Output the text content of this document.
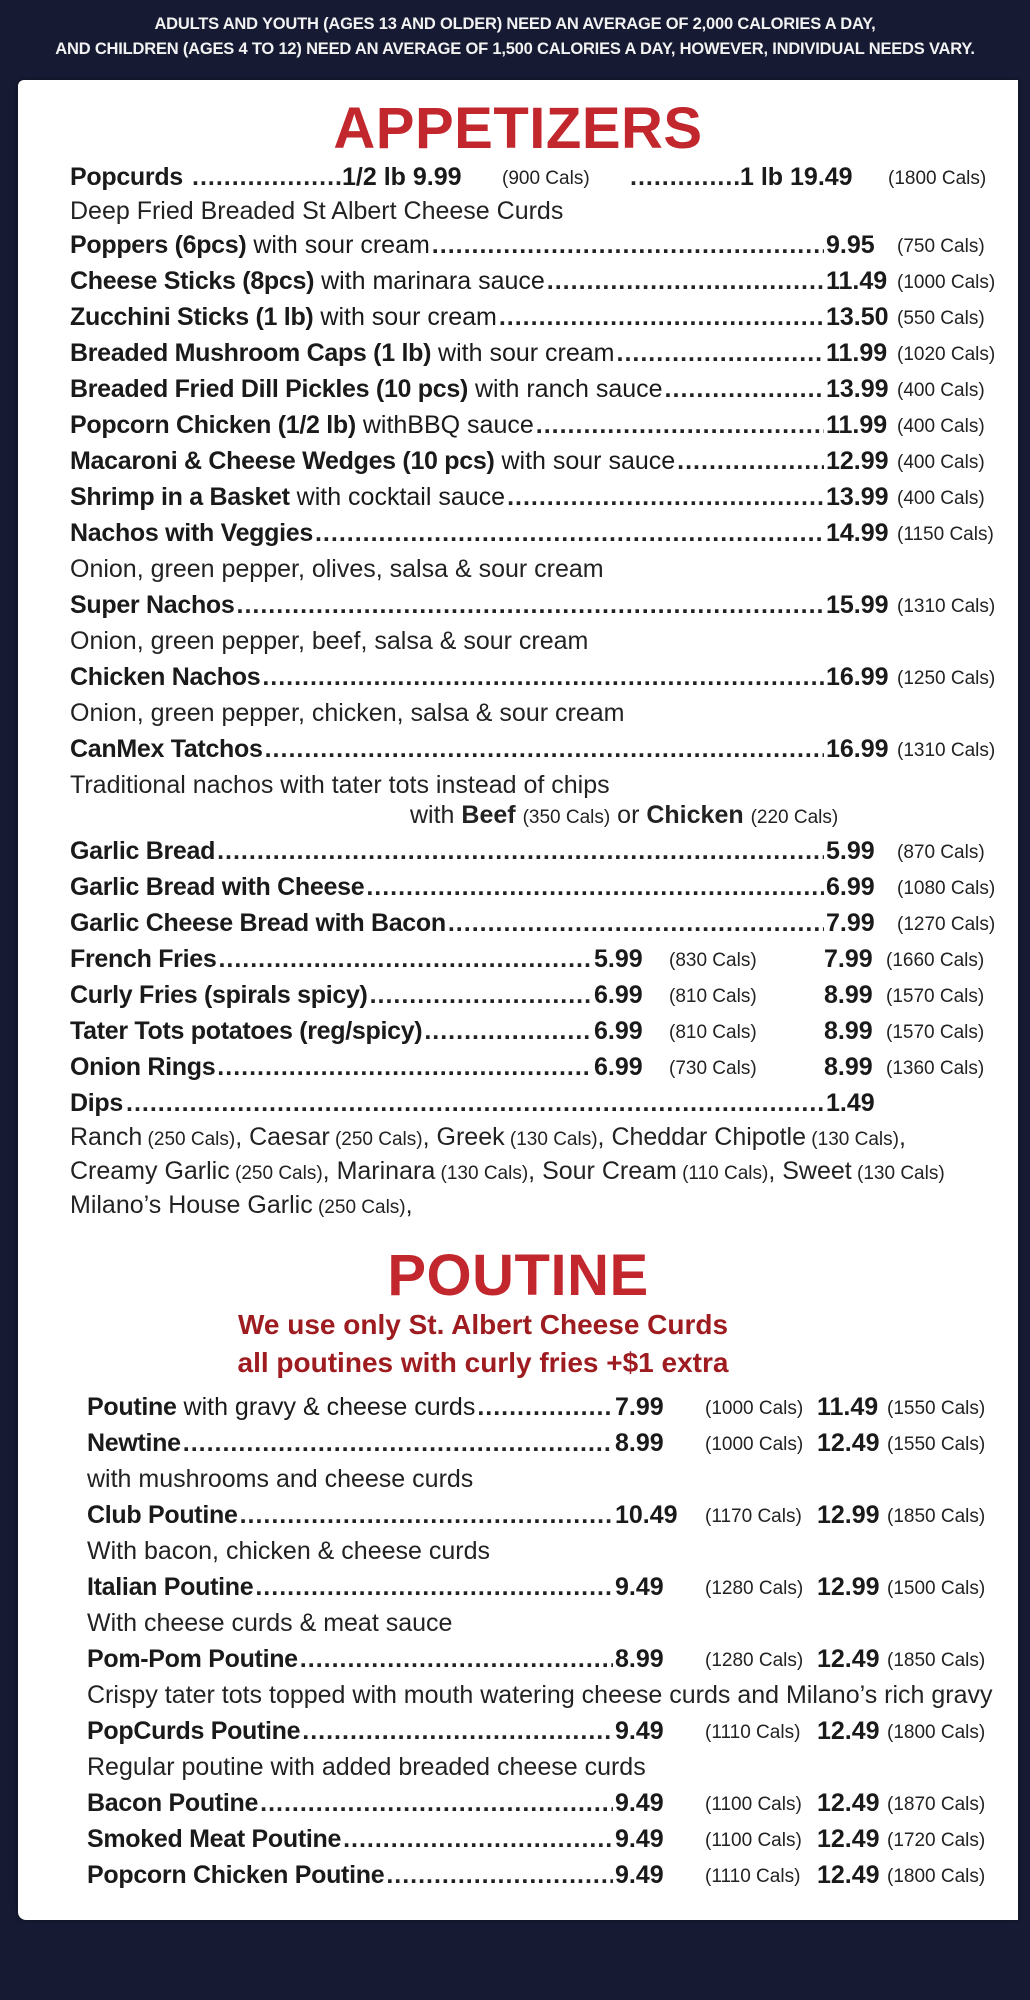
ADULTS AND YOUTH (AGES 13 AND OLDER) NEED AN AVERAGE OF 2,000 CALORIES A DAY,
AND CHILDREN (AGES 4 TO 12) NEED AN AVERAGE OF 1,500 CALORIES A DAY, HOWEVER, INDIVIDUAL NEEDS VARY.
APPETIZERS
Popcurds .....	1/2 lb 9.99 (900 Cals) .....	1 lb 19.49 (1800 Cals)
Deep Fried Breaded St Albert Cheese Curds
Poppers (6pcs) with sour cream .....	9.95 (750 Cals)
Cheese Sticks (8pcs) with marinara sauce .....	11.49 (1000 Cals)
Zucchini Sticks (1 lb) with sour cream .....	13.50 (550 Cals)
Breaded Mushroom Caps (1 lb) with sour cream .....	11.99 (1020 Cals)
Breaded Fried Dill Pickles (10 pcs) with ranch sauce .....	13.99 (400 Cals)
Popcorn Chicken (1/2 lb) withBBQ sauce .....	11.99 (400 Cals)
Macaroni & Cheese Wedges (10 pcs) with sour sauce .....	12.99 (400 Cals)
Shrimp in a Basket with cocktail sauce .....	13.99 (400 Cals)
Nachos with Veggies .....	14.99 (1150 Cals)
Onion, green pepper, olives, salsa & sour cream
Super Nachos .....	15.99 (1310 Cals)
Onion, green pepper, beef, salsa & sour cream
Chicken Nachos .....	16.99 (1250 Cals)
Onion, green pepper, chicken, salsa & sour cream
CanMex Tatchos .....	16.99 (1310 Cals)
Traditional nachos with tater tots instead of chips
with Beef (350 Cals) or Chicken (220 Cals)
Garlic Bread .....	5.99 (870 Cals)
Garlic Bread with Cheese .....	6.99 (1080 Cals)
Garlic Cheese Bread with Bacon .....	7.99 (1270 Cals)
French Fries .....	5.99 (830 Cals)	7.99 (1660 Cals)
Curly Fries (spirals spicy) .....	6.99 (810 Cals)	8.99 (1570 Cals)
Tater Tots potatoes (reg/spicy) .....	6.99 (810 Cals)	8.99 (1570 Cals)
Onion Rings .....	6.99 (730 Cals)	8.99 (1360 Cals)
Dips .....	1.49
Ranch (250 Cals), Caesar (250 Cals), Greek (130 Cals), Cheddar Chipotle (130 Cals),
Creamy Garlic (250 Cals), Marinara (130 Cals), Sour Cream (110 Cals), Sweet (130 Cals)
Milano’s House Garlic (250 Cals),
POUTINE
We use only St. Albert Cheese Curds
all poutines with curly fries +$1 extra
Poutine with gravy & cheese curds .....	7.99 (1000 Cals) 11.49 (1550 Cals)
Newtine .....	8.99 (1000 Cals) 12.49 (1550 Cals)
with mushrooms and cheese curds
Club Poutine .....	10.49 (1170 Cals) 12.99 (1850 Cals)
With bacon, chicken & cheese curds
Italian Poutine .....	9.49 (1280 Cals) 12.99 (1500 Cals)
With cheese curds & meat sauce
Pom-Pom Poutine .....	8.99 (1280 Cals) 12.49 (1850 Cals)
Crispy tater tots topped with mouth watering cheese curds and Milano’s rich gravy
PopCurds Poutine .....	9.49 (1110 Cals) 12.49 (1800 Cals)
Regular poutine with added breaded cheese curds
Bacon Poutine .....	9.49 (1100 Cals) 12.49 (1870 Cals)
Smoked Meat Poutine .....	9.49 (1100 Cals) 12.49 (1720 Cals)
Popcorn Chicken Poutine .....	9.49 (1110 Cals) 12.49 (1800 Cals)
